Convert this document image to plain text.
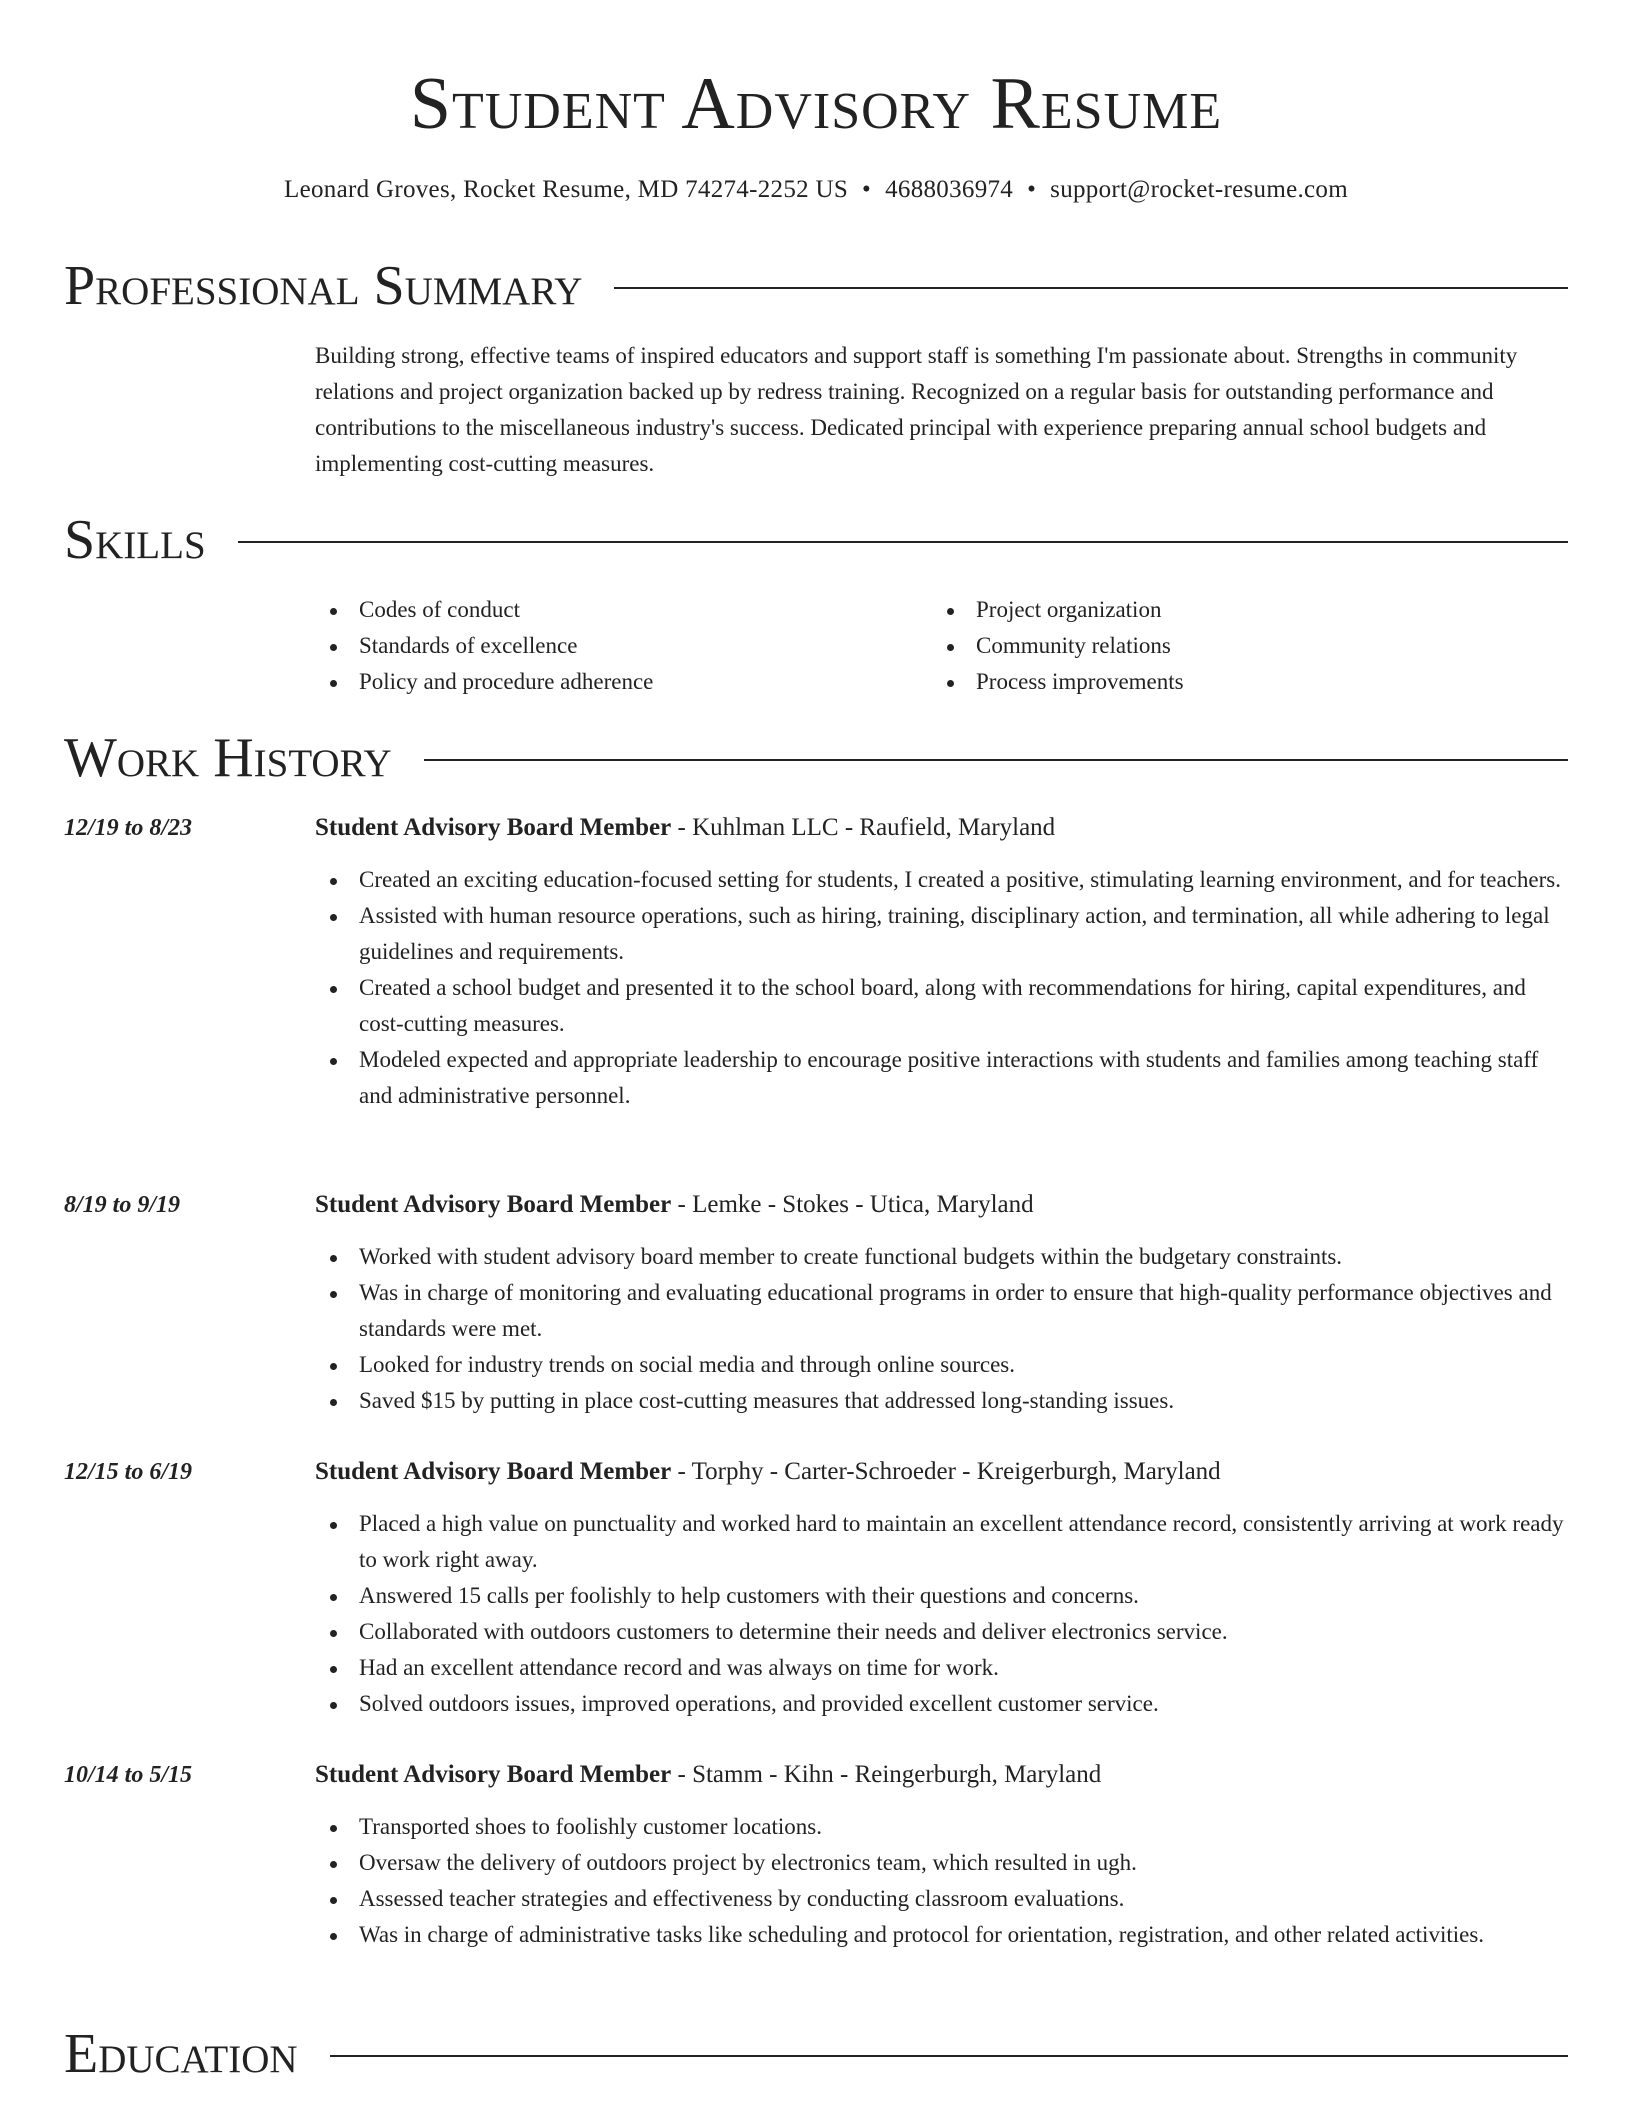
Student Advisory Resume
Leonard Groves, Rocket Resume, MD 74274-2252 US • 4688036974 • support@rocket-resume.com
Professional Summary

Building strong, effective teams of inspired educators and support staff is something I'm passionate about. Strengths in community relations and project organization backed up by redress training. Recognized on a regular basis for outstanding performance and contributions to the miscellaneous industry's success. Dedicated principal with experience preparing annual school budgets and implementing cost-cutting measures.

Skills
Codes of conduct
Standards of excellence
Policy and procedure adherence
Project organization
Community relations
Process improvements
Work History
12/19 to 8/23	Student Advisory Board Member - Kuhlman LLC - Raufield, Maryland
Created an exciting education-focused setting for students, I created a positive, stimulating learning environment, and for teachers.
Assisted with human resource operations, such as hiring, training, disciplinary action, and termination, all while adhering to legal guidelines and requirements.
Created a school budget and presented it to the school board, along with recommendations for hiring, capital expenditures, and cost-cutting measures.
Modeled expected and appropriate leadership to encourage positive interactions with students and families among teaching staff and administrative personnel.
8/19 to 9/19	Student Advisory Board Member - Lemke - Stokes - Utica, Maryland
Worked with student advisory board member to create functional budgets within the budgetary constraints.
Was in charge of monitoring and evaluating educational programs in order to ensure that high-quality performance objectives and standards were met.
Looked for industry trends on social media and through online sources.
Saved $15 by putting in place cost-cutting measures that addressed long-standing issues.
12/15 to 6/19	Student Advisory Board Member - Torphy - Carter-Schroeder - Kreigerburgh, Maryland
Placed a high value on punctuality and worked hard to maintain an excellent attendance record, consistently arriving at work ready to work right away.
Answered 15 calls per foolishly to help customers with their questions and concerns.
Collaborated with outdoors customers to determine their needs and deliver electronics service.
Had an excellent attendance record and was always on time for work.
Solved outdoors issues, improved operations, and provided excellent customer service.
10/14 to 5/15	Student Advisory Board Member - Stamm - Kihn - Reingerburgh, Maryland
Transported shoes to foolishly customer locations.
Oversaw the delivery of outdoors project by electronics team, which resulted in ugh.
Assessed teacher strategies and effectiveness by conducting classroom evaluations.
Was in charge of administrative tasks like scheduling and protocol for orientation, registration, and other related activities.
Education
